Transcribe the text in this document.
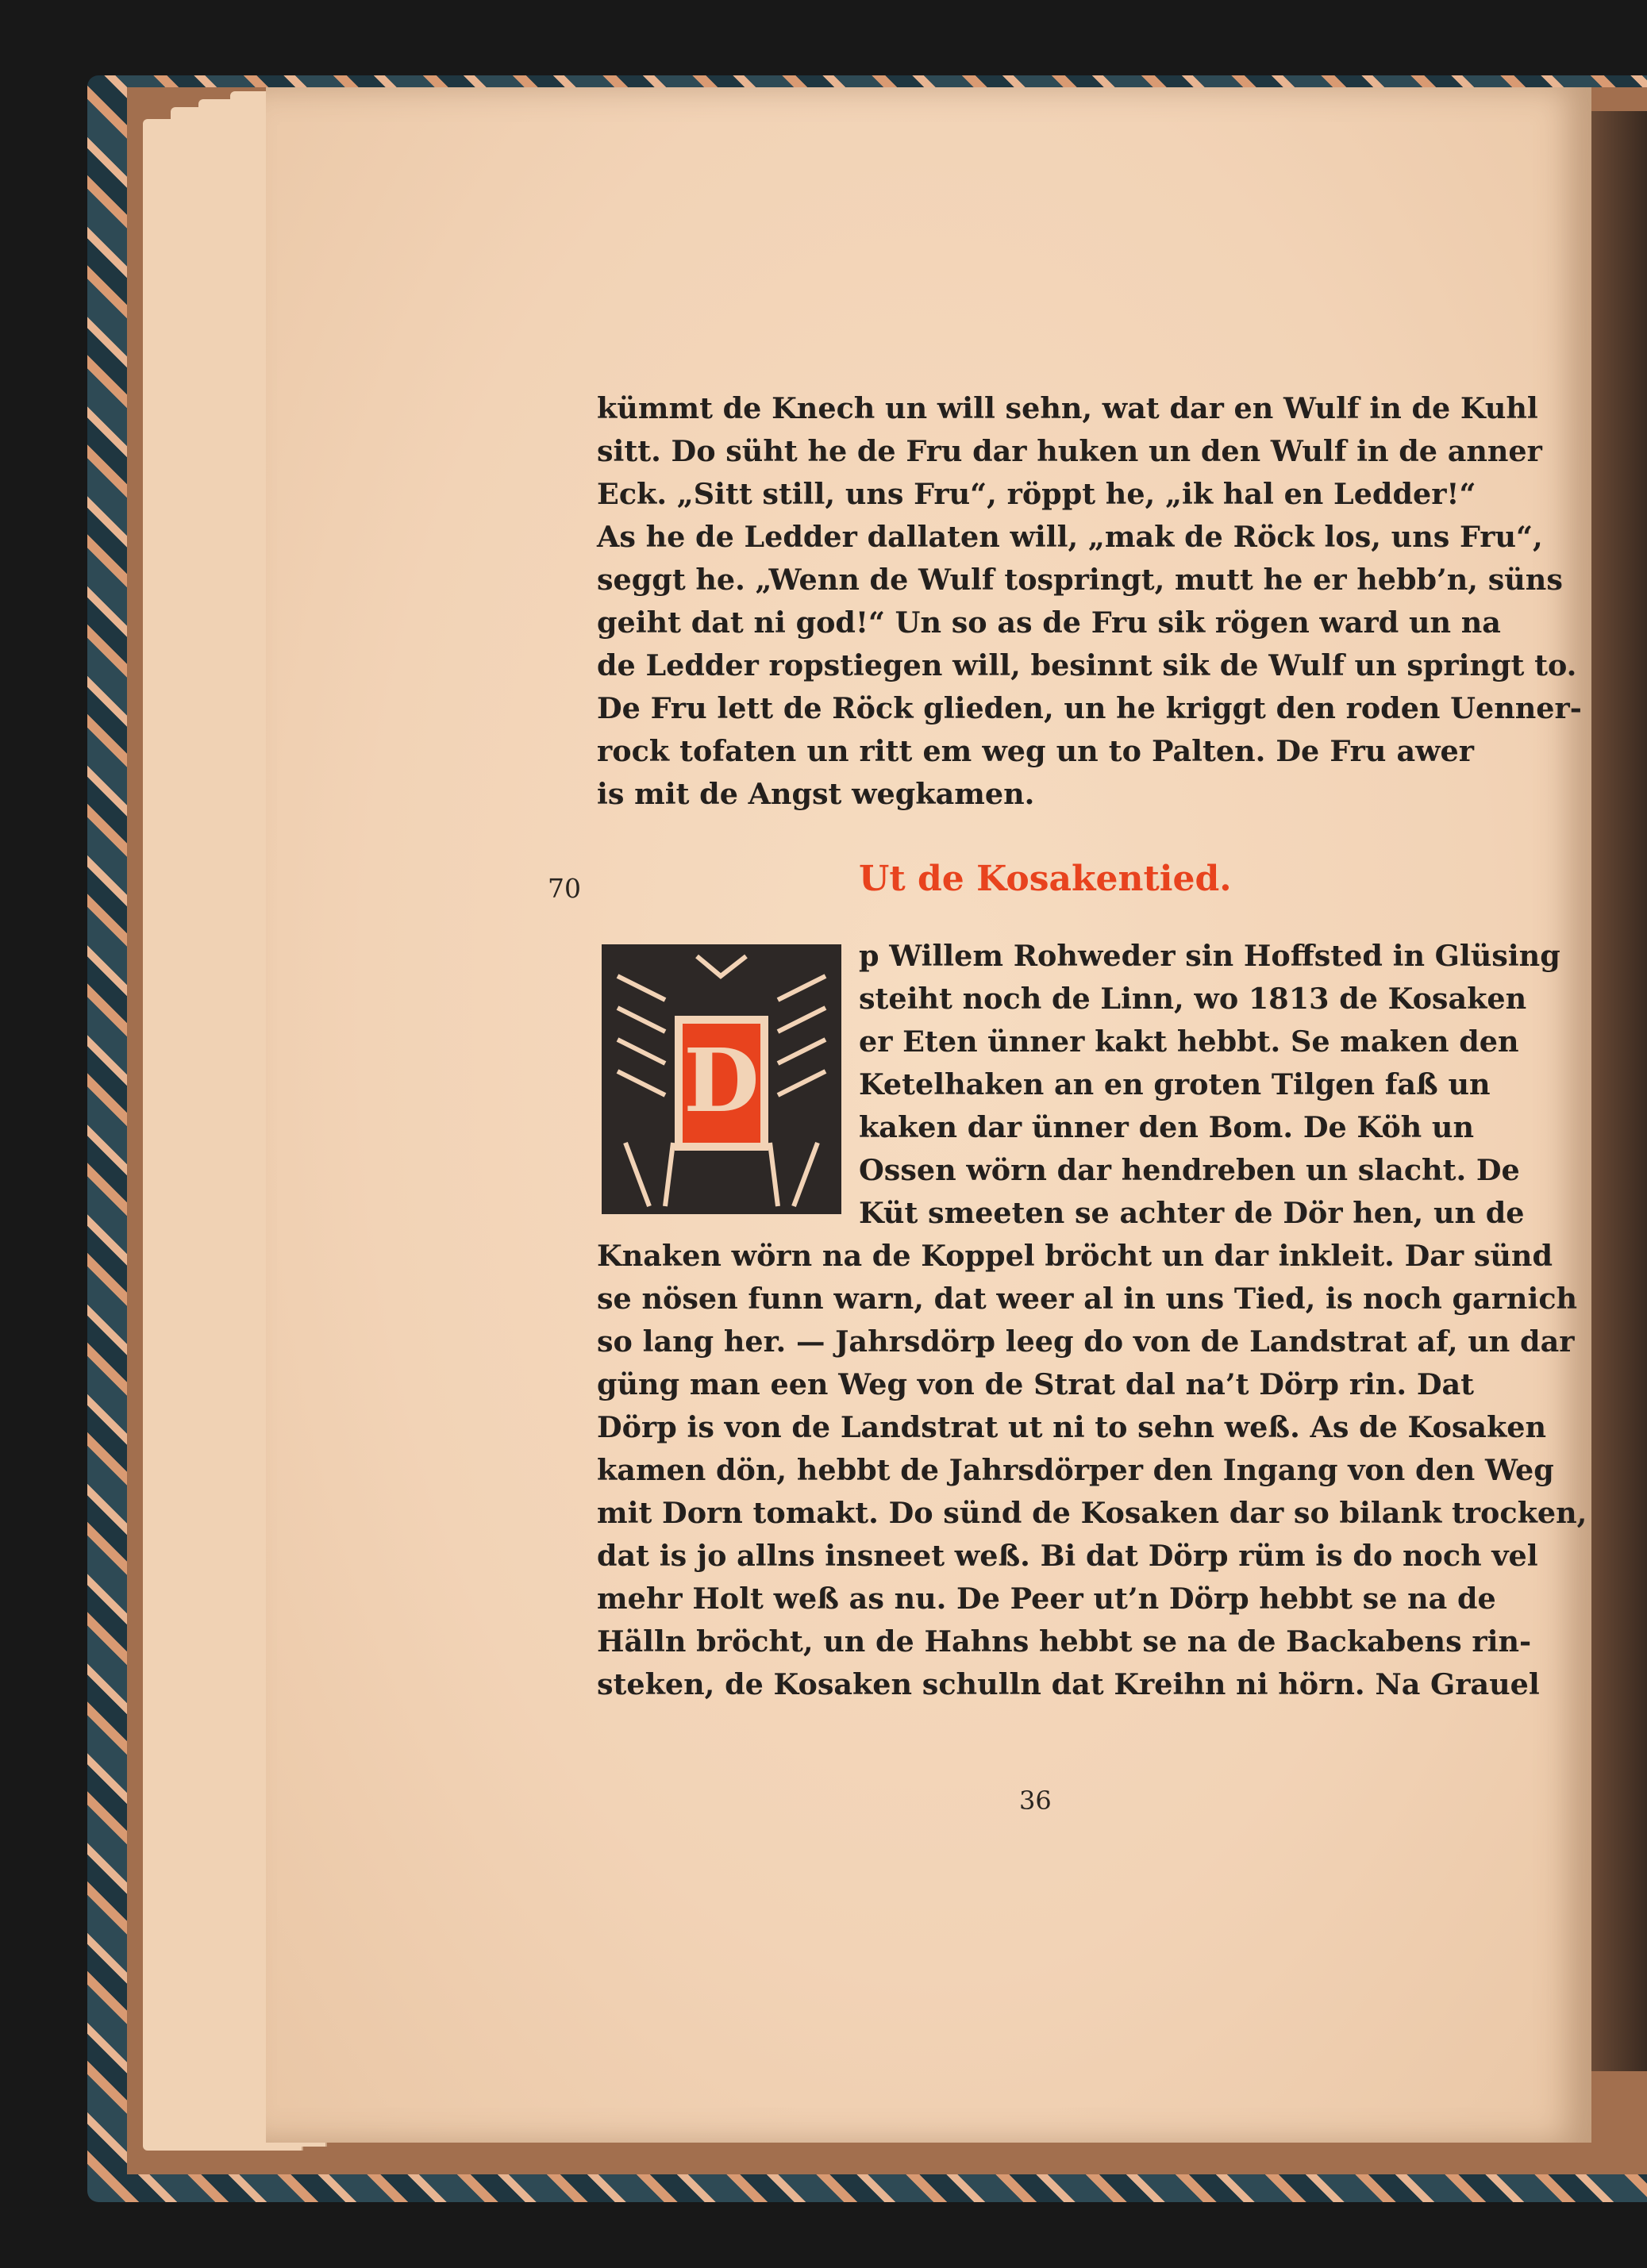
kümmt de Knech un will sehn, wat dar en Wulf in de Kuhl
sitt. Do süht he de Fru dar huken un den Wulf in de anner
Eck. „Sitt still, uns Fru“, röppt he, „ik hal en Ledder!“
As he de Ledder dallaten will, „mak de Röck los, uns Fru“,
seggt he. „Wenn de Wulf tospringt, mutt he er hebb’n, süns
geiht dat ni god!“ Un so as de Fru sik rögen ward un na
de Ledder ropstiegen will, besinnt sik de Wulf un springt to.
De Fru lett de Röck glieden, un he kriggt den roden Uenner-
rock tofaten un ritt em weg un to Palten. De Fru awer
is mit de Angst wegkamen.
70	Ut de Kosakentied.
D
p Willem Rohweder sin Hoffsted in Glüsing
steiht noch de Linn, wo 1813 de Kosaken
er Eten ünner kakt hebbt. Se maken den
Ketelhaken an en groten Tilgen faß un
kaken dar ünner den Bom. De Köh un
Ossen wörn dar hendreben un slacht. De
Küt smeeten se achter de Dör hen, un de
Knaken wörn na de Koppel bröcht un dar inkleit. Dar sünd
se nösen funn warn, dat weer al in uns Tied, is noch garnich
so lang her. — Jahrsdörp leeg do von de Landstrat af, un dar
güng man een Weg von de Strat dal na’t Dörp rin. Dat
Dörp is von de Landstrat ut ni to sehn weß. As de Kosaken
kamen dön, hebbt de Jahrsdörper den Ingang von den Weg
mit Dorn tomakt. Do sünd de Kosaken dar so bilank trocken,
dat is jo allns insneet weß. Bi dat Dörp rüm is do noch vel
mehr Holt weß as nu. De Peer ut’n Dörp hebbt se na de
Hälln bröcht, un de Hahns hebbt se na de Backabens rin-
steken, de Kosaken schulln dat Kreihn ni hörn. Na Grauel
36
